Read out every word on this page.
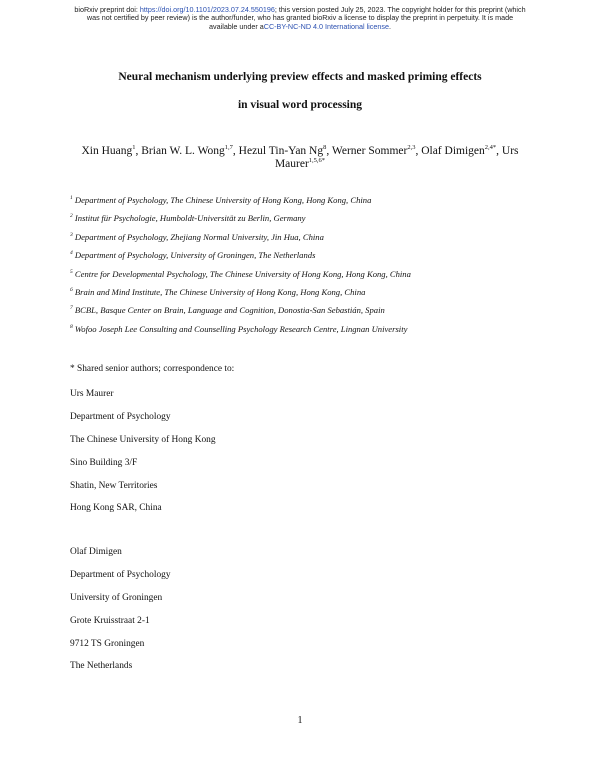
bioRxiv preprint doi: https://doi.org/10.1101/2023.07.24.550196; this version posted July 25, 2023. The copyright holder for this preprint (which
was not certified by peer review) is the author/funder, who has granted bioRxiv a license to display the preprint in perpetuity. It is made
available under aCC-BY-NC-ND 4.0 International license.
Neural mechanism underlying preview effects and masked priming effects
in visual word processing
Xin Huang$^1$, Brian W. L. Wong$^{1,7}$, Hezul Tin-Yan Ng$^8$, Werner Sommer$^{2,3}$, Olaf Dimigen$^{2,4*}$, Urs Maurer$^{1,5,6*}$
$^1$ Department of Psychology, The Chinese University of Hong Kong, Hong Kong, China
$^2$ Institut für Psychologie, Humboldt-Universität zu Berlin, Germany
$^3$ Department of Psychology, Zhejiang Normal University, Jin Hua, China
$^4$ Department of Psychology, University of Groningen, The Netherlands
$^5$ Centre for Developmental Psychology, The Chinese University of Hong Kong, Hong Kong, China
$^6$ Brain and Mind Institute, The Chinese University of Hong Kong, Hong Kong, China
$^7$ BCBL, Basque Center on Brain, Language and Cognition, Donostia-San Sebastián, Spain
$^8$ Wofoo Joseph Lee Consulting and Counselling Psychology Research Centre, Lingnan University
* Shared senior authors; correspondence to:
Urs Maurer
Department of Psychology
The Chinese University of Hong Kong
Sino Building 3/F
Shatin, New Territories
Hong Kong SAR, China
Olaf Dimigen
Department of Psychology
University of Groningen
Grote Kruisstraat 2-1
9712 TS Groningen
The Netherlands
1
